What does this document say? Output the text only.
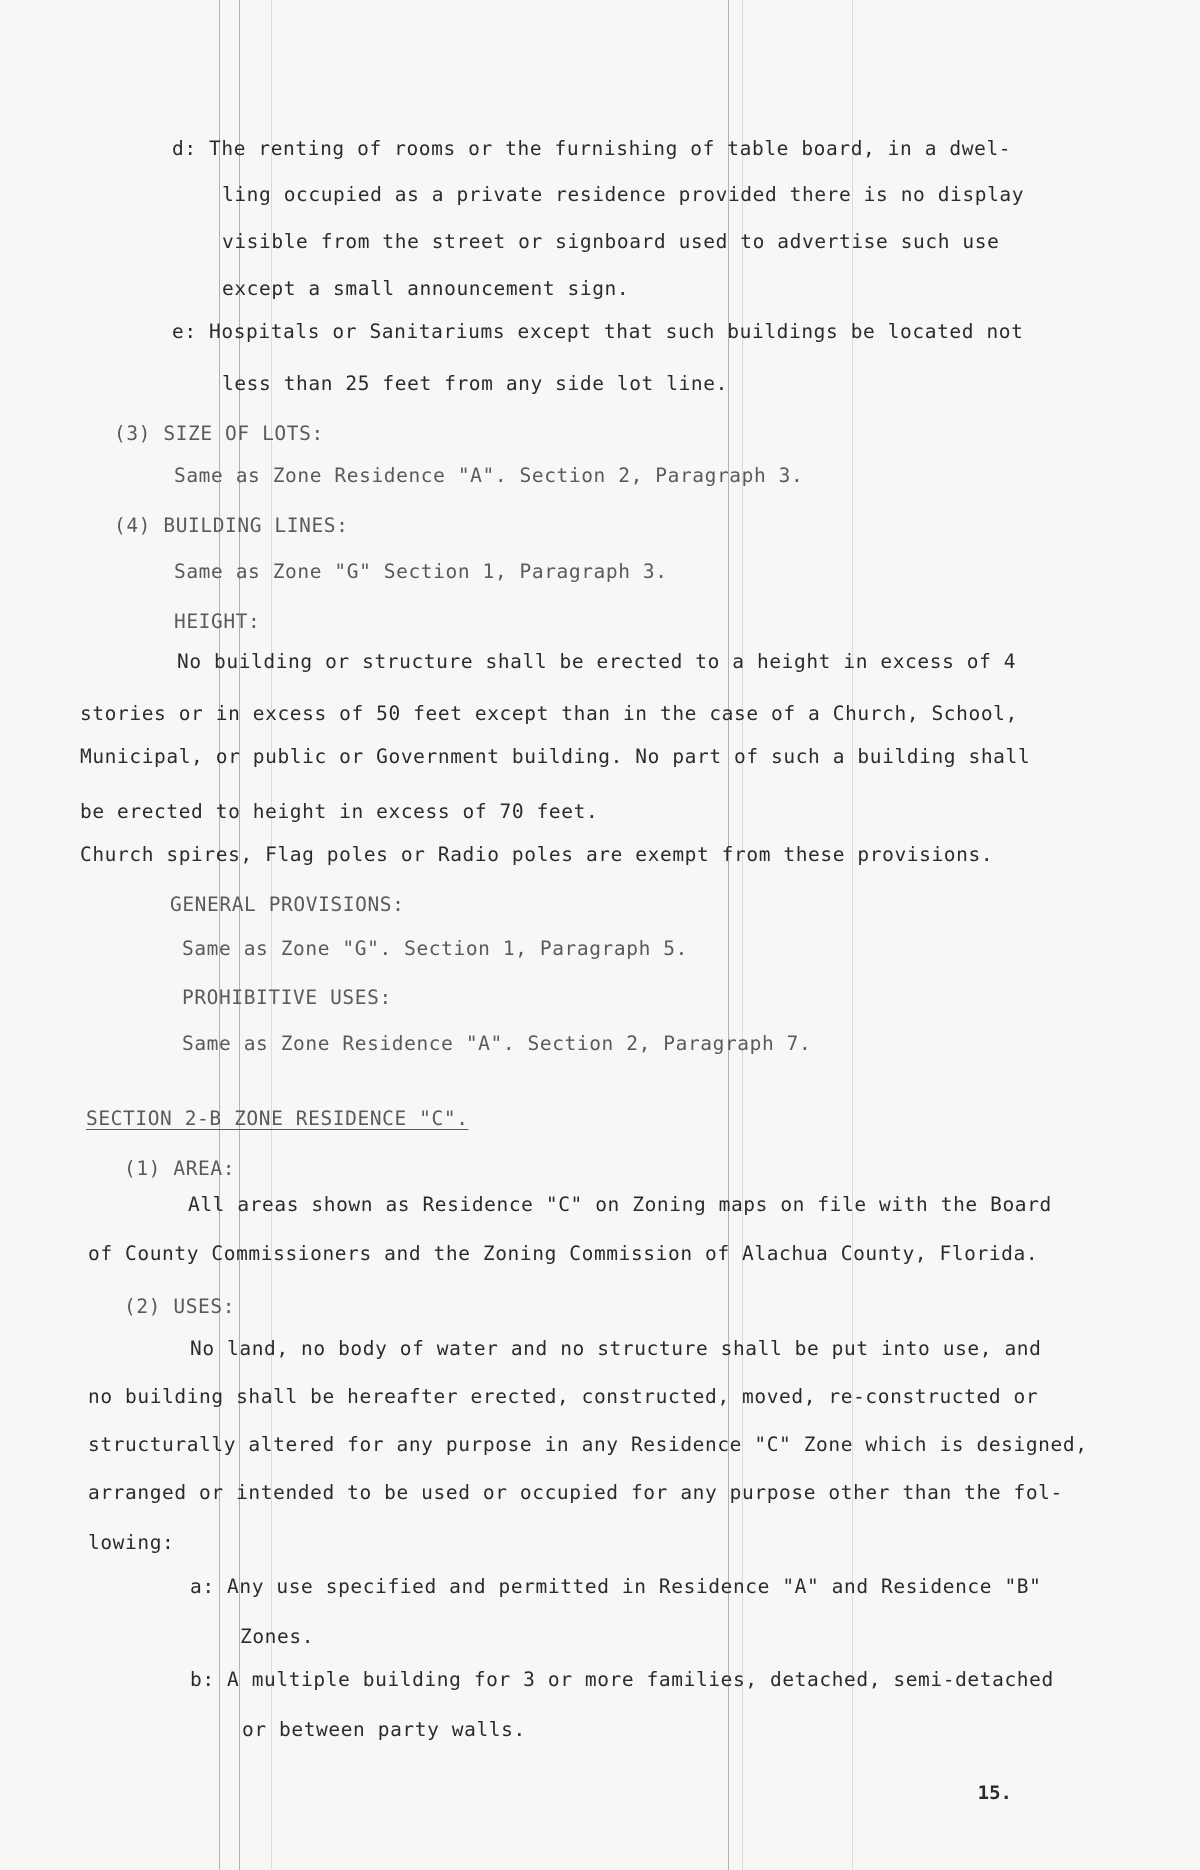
d: The renting of rooms or the furnishing of table board, in a dwel-
ling occupied as a private residence provided there is no display
visible from the street or signboard used to advertise such use
except a small announcement sign.
e: Hospitals or Sanitariums except that such buildings be located not
less than 25 feet from any side lot line.
(3) SIZE OF LOTS:
Same as Zone Residence "A". Section 2, Paragraph 3.
(4) BUILDING LINES:
Same as Zone "G" Section 1, Paragraph 3.
HEIGHT:
No building or structure shall be erected to a height in excess of 4
stories or in excess of 50 feet except than in the case of a Church, School,
Municipal, or public or Government building. No part of such a building shall
be erected to height in excess of 70 feet.
Church spires, Flag poles or Radio poles are exempt from these provisions.
GENERAL PROVISIONS:
Same as Zone "G". Section 1, Paragraph 5.
PROHIBITIVE USES:
Same as Zone Residence "A". Section 2, Paragraph 7.
SECTION 2-B ZONE RESIDENCE "C".
(1) AREA:
All areas shown as Residence "C" on Zoning maps on file with the Board
of County Commissioners and the Zoning Commission of Alachua County, Florida.
(2) USES:
No land, no body of water and no structure shall be put into use, and
no building shall be hereafter erected, constructed, moved, re-constructed or
structurally altered for any purpose in any Residence "C" Zone which is designed,
arranged or intended to be used or occupied for any purpose other than the fol-
lowing:
a: Any use specified and permitted in Residence "A" and Residence "B"
Zones.
b: A multiple building for 3 or more families, detached, semi-detached
or between party walls.
15.
